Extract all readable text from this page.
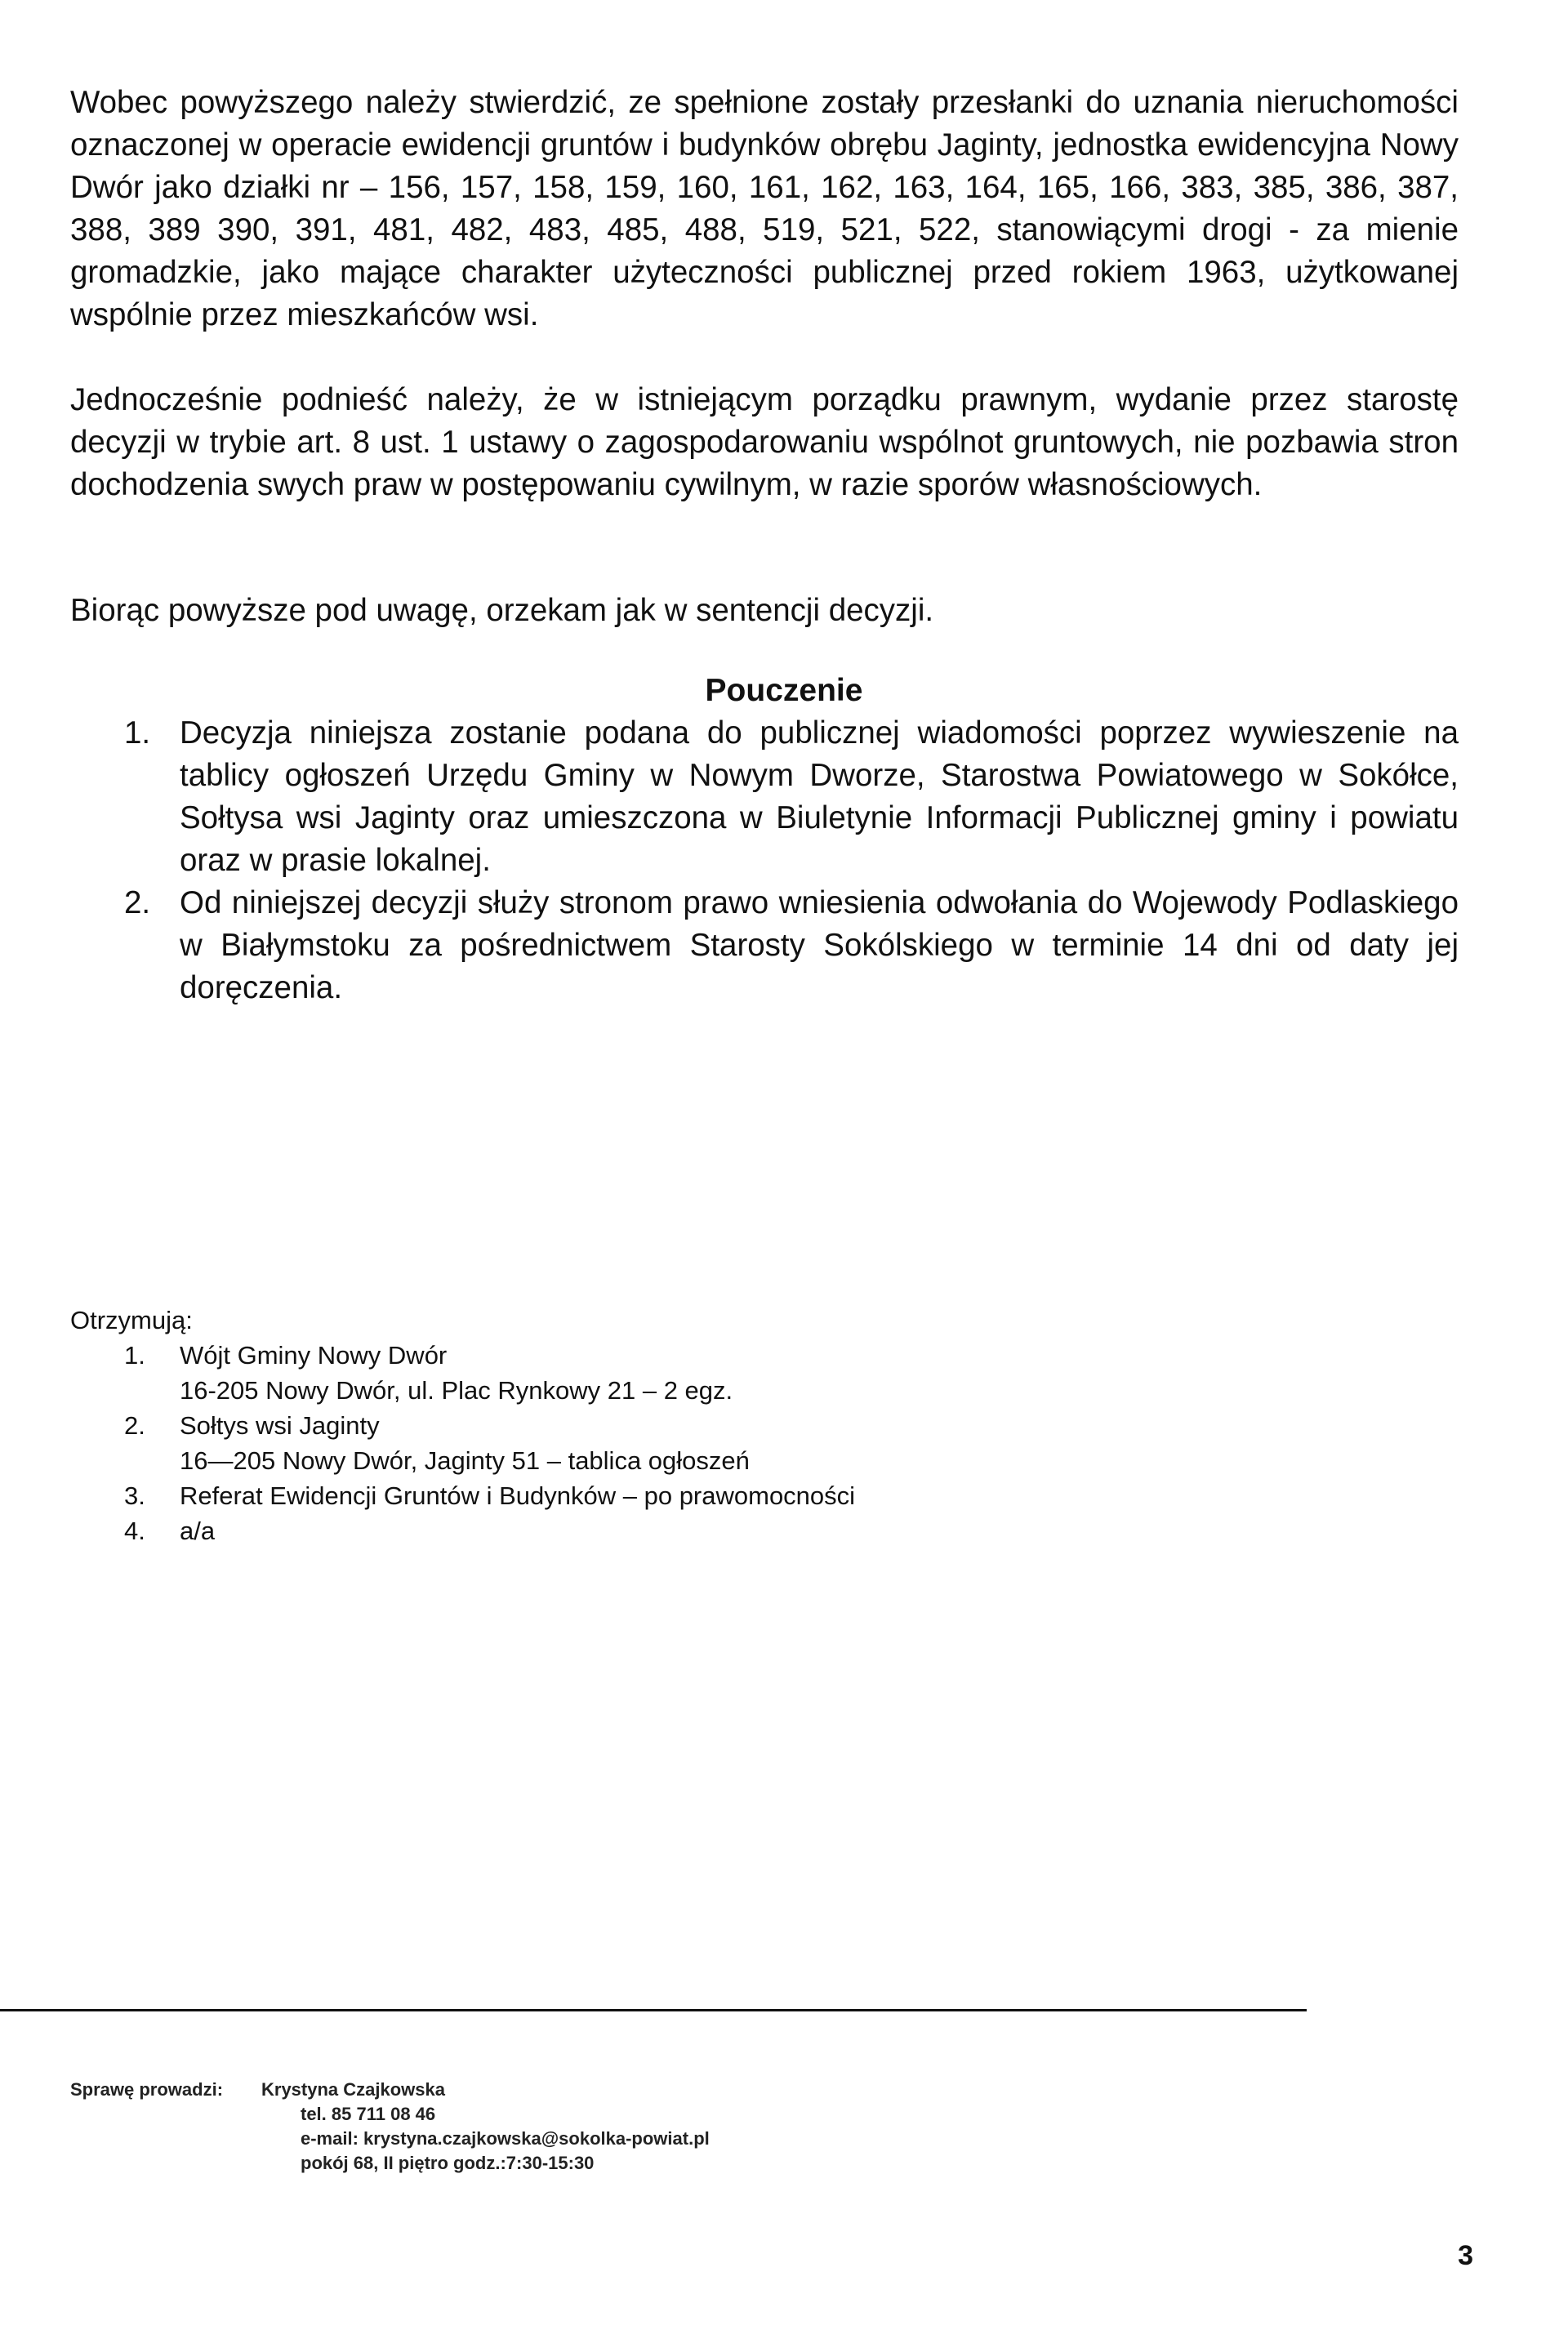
Wobec powyższego należy stwierdzić, ze spełnione zostały przesłanki do uznania nieruchomości oznaczonej w operacie ewidencji gruntów i budynków obrębu Jaginty, jednostka ewidencyjna Nowy Dwór jako działki nr – 156, 157, 158, 159, 160, 161, 162, 163, 164, 165, 166, 383, 385, 386, 387, 388, 389 390, 391, 481, 482, 483, 485, 488, 519, 521, 522, stanowiącymi drogi - za mienie gromadzkie, jako mające charakter użyteczności publicznej przed rokiem 1963, użytkowanej wspólnie przez mieszkańców wsi.

Jednocześnie podnieść należy, że w istniejącym porządku prawnym, wydanie przez starostę decyzji w trybie art. 8 ust. 1 ustawy o zagospodarowaniu wspólnot gruntowych, nie pozbawia stron dochodzenia swych praw w postępowaniu cywilnym, w razie sporów własnościowych.

Biorąc powyższe pod uwagę, orzekam jak w sentencji decyzji.

Pouczenie
1. Decyzja niniejsza zostanie podana do publicznej wiadomości poprzez wywieszenie na tablicy ogłoszeń Urzędu Gminy w Nowym Dworze, Starostwa Powiatowego w Sokółce, Sołtysa wsi Jaginty oraz umieszczona w Biuletynie Informacji Publicznej gminy i powiatu oraz w prasie lokalnej.
2. Od niniejszej decyzji służy stronom prawo wniesienia odwołania do Wojewody Podlaskiego w Białymstoku za pośrednictwem Starosty Sokólskiego w terminie 14 dni od daty jej doręczenia.

Otrzymują:

1. Wójt Gminy Nowy Dwór
16-205 Nowy Dwór, ul. Plac Rynkowy 21 – 2 egz.
2. Sołtys wsi Jaginty
16—205 Nowy Dwór, Jaginty 51 – tablica ogłoszeń
3. Referat Ewidencji Gruntów i Budynków – po prawomocności
4. a/a
Sprawę prowadzi: Krystyna Czajkowska
tel. 85 711 08 46
e-mail: krystyna.czajkowska@sokolka-powiat.pl
pokój 68, II piętro godz.:7:30-15:30
3
